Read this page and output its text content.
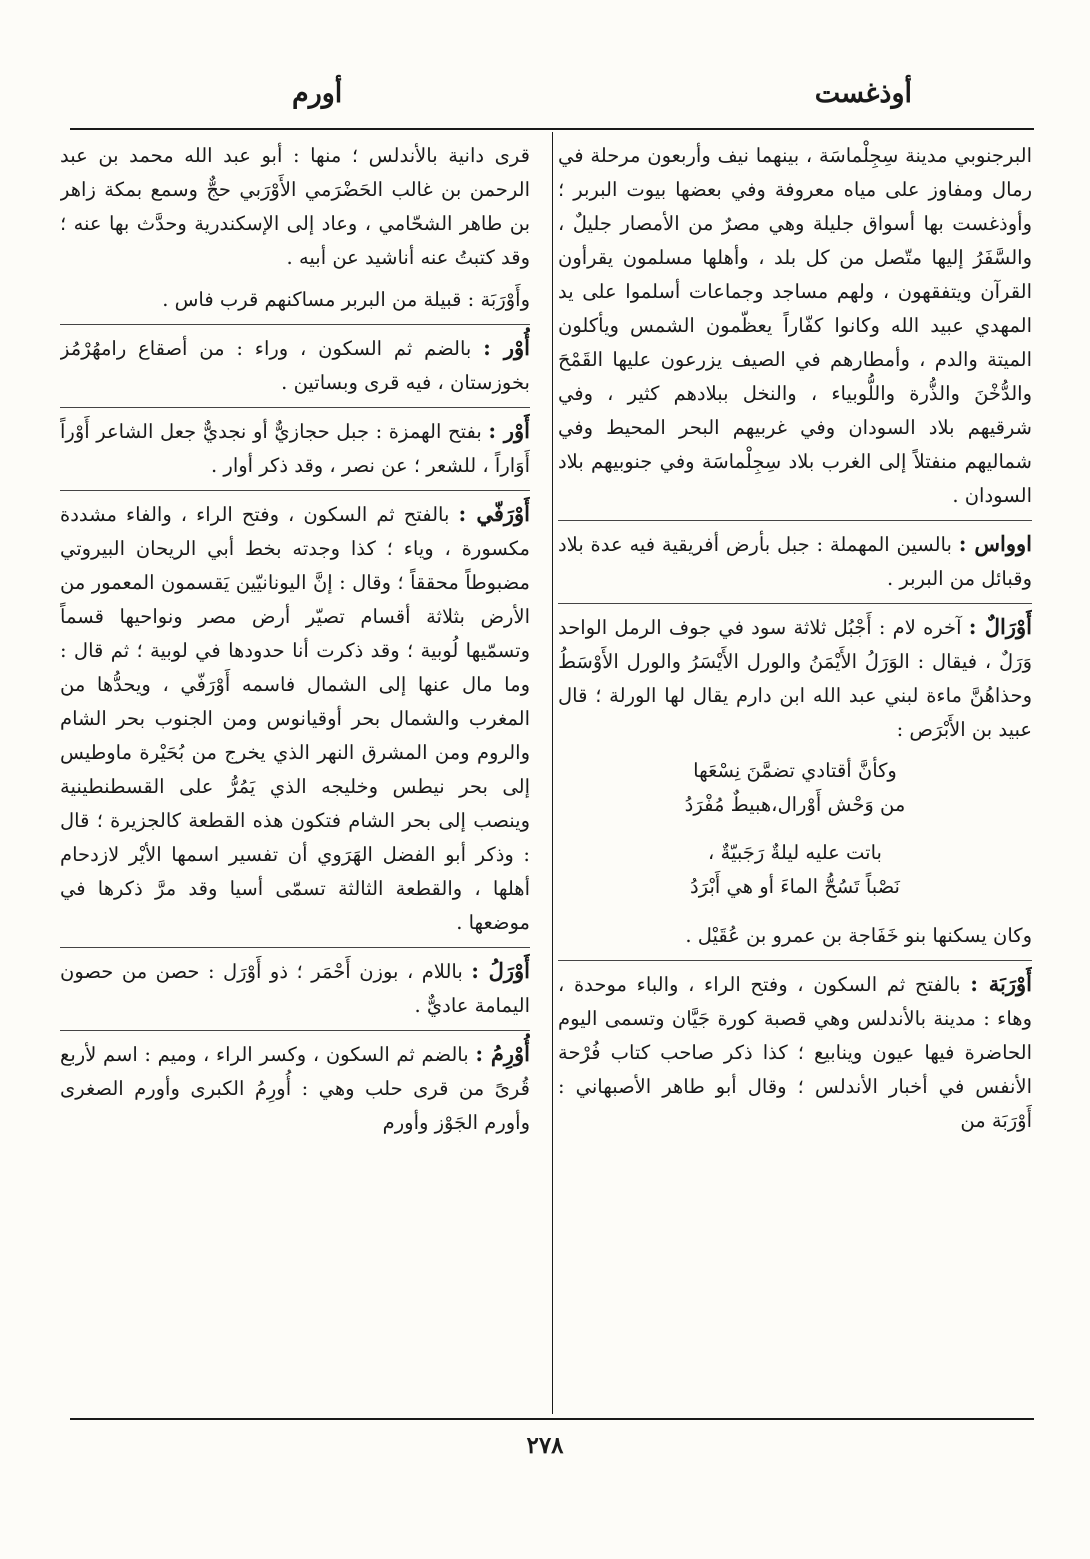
أوذغست
أورم

البرجنوبي مدينة سِجِلْماسَة ، بينهما نيف وأربعون مرحلة في رمال ومفاوز على مياه معروفة وفي بعضها بيوت البربر ؛ وأوذغست بها أسواق جليلة وهي مصرٌ من الأمصار جليلٌ ، والسَّفَرُ إليها متّصل من كل بلد ، وأهلها مسلمون يقرأون القرآن ويتفقهون ، ولهم مساجد وجماعات أسلموا على يد المهدي عبيد الله وكانوا كفّاراً يعظّمون الشمس ويأكلون الميتة والدم ، وأمطارهم في الصيف يزرعون عليها القَمْحَ والدُّخْنَ والذُّرة واللُّوبياء ، والنخل ببلادهم كثير ، وفي شرقيهم بلاد السودان وفي غربيهم البحر المحيط وفي شماليهم منفتلاً إلى الغرب بلاد سِجِلْماسَة وفي جنوبيهم بلاد السودان .

اوواس : بالسين المهملة : جبل بأرض أفريقية فيه عدة بلاد وقبائل من البربر .

أَوْرَالٌ : آخره لام : أَجْبُل ثلاثة سود في جوف الرمل الواحد وَرَلٌ ، فيقال : الوَرَلُ الأَيْمَنُ والورل الأَيْسَرُ والورل الأَوْسَطُ وحذاهُنَّ ماءة لبني عبد الله ابن دارم يقال لها الورلة ؛ قال عبيد بن الأَبْرَص :

وكأنَّ أقتادي تضمَّنَ نِسْعَها
من وَحْش أَوْرال،هبيطٌ مُفْرَدُ
باتت عليه ليلةٌ رَجَبيّةٌ ،
نَصْباً تَسُحُّ الماءَ أو هي أَبْرَدُ

وكان يسكنها بنو خَفَاجة بن عمرو بن عُقَيْل .

أَوْرَبَة : بالفتح ثم السكون ، وفتح الراء ، والباء موحدة ، وهاء : مدينة بالأندلس وهي قصبة كورة جَيَّان وتسمى اليوم الحاضرة فيها عيون وينابيع ؛ كذا ذكر صاحب كتاب فُرْحة الأنفس في أخبار الأندلس ؛ وقال أبو طاهر الأصبهاني : أَوْرَبَة من

قرى دانية بالأندلس ؛ منها : أبو عبد الله محمد بن عبد الرحمن بن غالب الحَضْرَمي الأَوْرَبي حجٌّ وسمع بمكة زاهر بن طاهر الشحّامي ، وعاد إلى الإسكندرية وحدَّث بها عنه ؛ وقد كتبتُ عنه أناشيد عن أبيه .

وأَوْرَبَة : قبيلة من البربر مساكنهم قرب فاس .

أُوْر : بالضم ثم السكون ، وراء : من أصقاع رامهُرْمُز بخوزستان ، فيه قرى وبساتين .

أَوْر : بفتح الهمزة : جبل حجازيٌّ أو نجديٌّ جعل الشاعر أَوْراً أَوَاراً ، للشعر ؛ عن نصر ، وقد ذكر أوار .

أَوْرَفّي : بالفتح ثم السكون ، وفتح الراء ، والفاء مشددة مكسورة ، وياء ؛ كذا وجدته بخط أبي الريحان البيروتي مضبوطاً محققاً ؛ وقال : إنَّ اليونانيّين يَقسمون المعمور من الأرض بثلاثة أقسام تصيّر أرض مصر ونواحيها قسماً وتسمّيها لُوبية ؛ وقد ذكرت أنا حدودها في لوبية ؛ ثم قال : وما مال عنها إلى الشمال فاسمه أَوْرَفّي ، ويحدُّها من المغرب والشمال بحر أوقيانوس ومن الجنوب بحر الشام والروم ومن المشرق النهر الذي يخرج من بُحَيْرة ماوطيس إلى بحر نيطس وخليجه الذي يَمُرُّ على القسطنطينية وينصب إلى بحر الشام فتكون هذه القطعة كالجزيرة ؛ قال : وذكر أبو الفضل الهَرَوي أن تفسير اسمها الأيْر لازدحام أهلها ، والقطعة الثالثة تسمّى أسيا وقد مرَّ ذكرها في موضعها .

أَوْرَلُ : باللام ، بوزن أَحْمَر ؛ ذو أَوْرَل : حصن من حصون اليمامة عاديٌّ .

أُوْرِمُ : بالضم ثم السكون ، وكسر الراء ، وميم : اسم لأربع قُرىً من قرى حلب وهي : أُورِمُ الكبرى وأورم الصغرى وأورم الجَوْز وأورم

٢٧٨
